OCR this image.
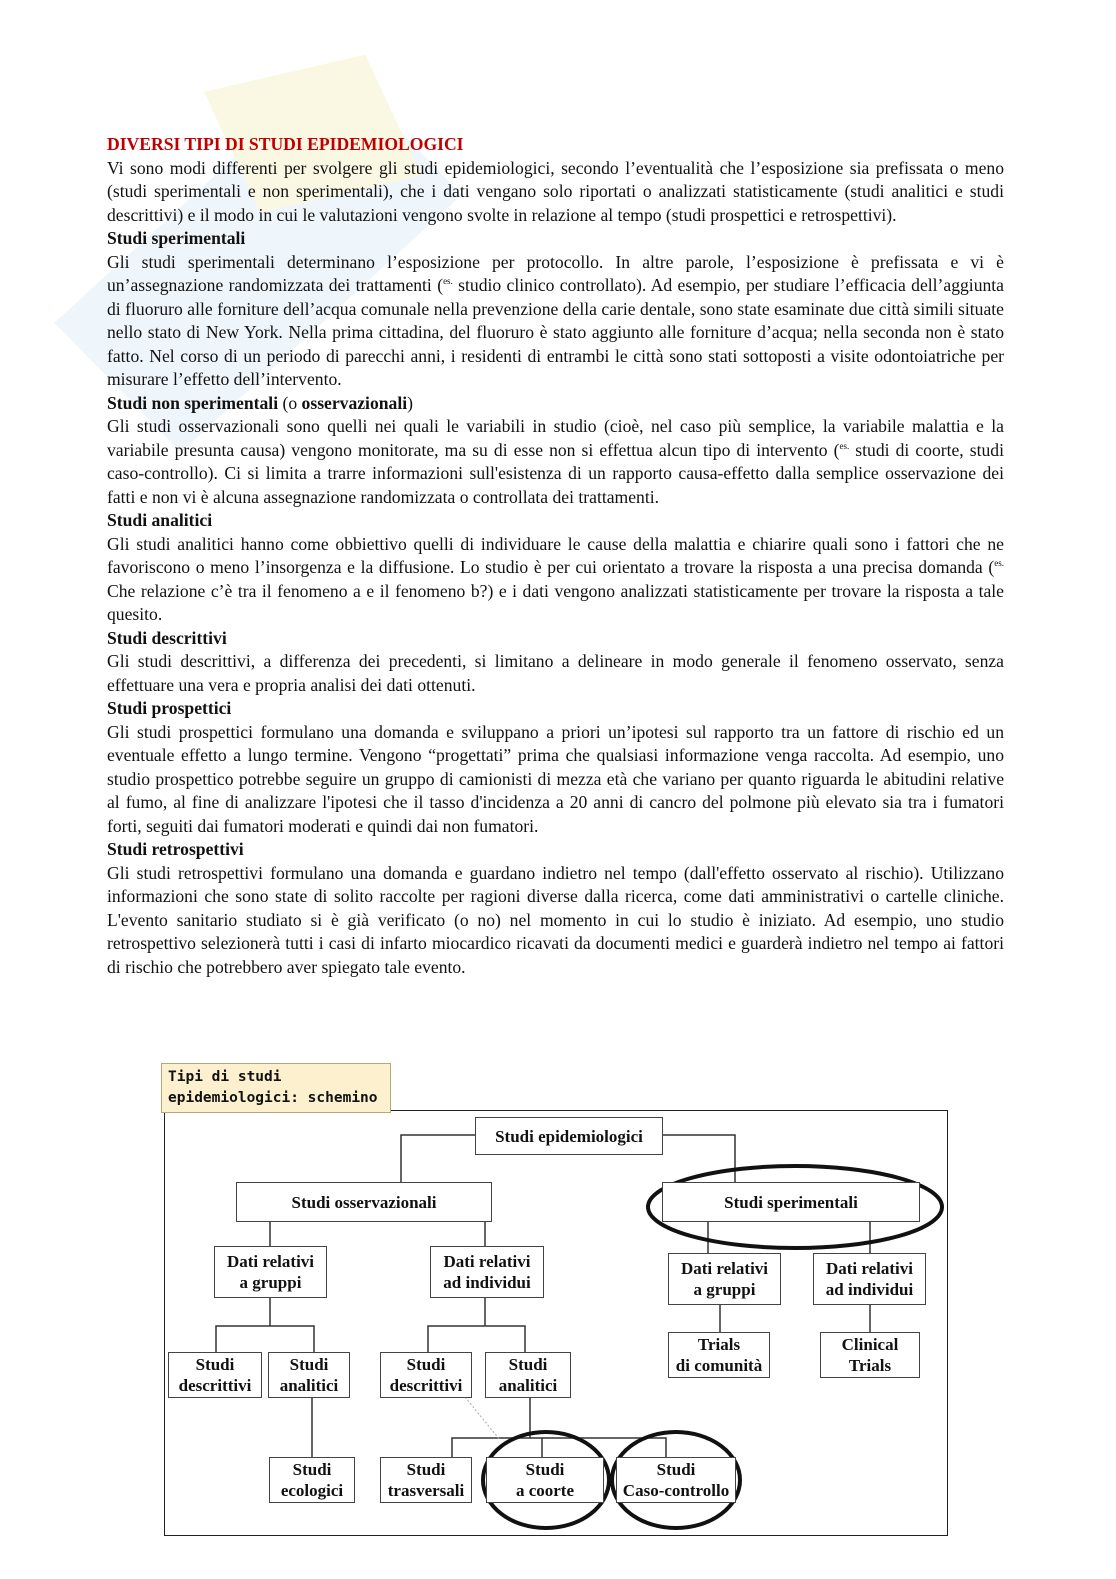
DIVERSI TIPI DI STUDI EPIDEMIOLOGICI

Vi sono modi differenti per svolgere gli studi epidemiologici, secondo l’eventualità che l’esposizione sia prefissata o meno (studi sperimentali e non sperimentali), che i dati vengano solo riportati o analizzati statisticamente (studi analitici e studi descrittivi) e il modo in cui le valutazioni vengono svolte in relazione al tempo (studi prospettici e retrospettivi).

Studi sperimentali

Gli studi sperimentali determinano l’esposizione per protocollo. In altre parole, l’esposizione è prefissata e vi è un’assegnazione randomizzata dei trattamenti ($^{es.}$ studio clinico controllato). Ad esempio, per studiare l’efficacia dell’aggiunta di fluoruro alle forniture dell’acqua comunale nella prevenzione della carie dentale, sono state esaminate due città simili situate nello stato di New York. Nella prima cittadina, del fluoruro è stato aggiunto alle forniture d’acqua; nella seconda non è stato fatto. Nel corso di un periodo di parecchi anni, i residenti di entrambi le città sono stati sottoposti a visite odontoiatriche per misurare l’effetto dell’intervento.

Studi non sperimentali (o osservazionali)

Gli studi osservazionali sono quelli nei quali le variabili in studio (cioè, nel caso più semplice, la variabile malattia e la variabile presunta causa) vengono monitorate, ma su di esse non si effettua alcun tipo di intervento ($^{es.}$ studi di coorte, studi caso-controllo). Ci si limita a trarre informazioni sull'esistenza di un rapporto causa-effetto dalla semplice osservazione dei fatti e non vi è alcuna assegnazione randomizzata o controllata dei trattamenti.

Studi analitici

Gli studi analitici hanno come obbiettivo quelli di individuare le cause della malattia e chiarire quali sono i fattori che ne favoriscono o meno l’insorgenza e la diffusione. Lo studio è per cui orientato a trovare la risposta a una precisa domanda ($^{es.}$ Che relazione c’è tra il fenomeno a e il fenomeno b?) e i dati vengono analizzati statisticamente per trovare la risposta a tale quesito.

Studi descrittivi

Gli studi descrittivi, a differenza dei precedenti, si limitano a delineare in modo generale il fenomeno osservato, senza effettuare una vera e propria analisi dei dati ottenuti.

Studi prospettici

Gli studi prospettici formulano una domanda e sviluppano a priori un’ipotesi sul rapporto tra un fattore di rischio ed un eventuale effetto a lungo termine. Vengono “progettati” prima che qualsiasi informazione venga raccolta. Ad esempio, uno studio prospettico potrebbe seguire un gruppo di camionisti di mezza età che variano per quanto riguarda le abitudini relative al fumo, al fine di analizzare l'ipotesi che il tasso d'incidenza a 20 anni di cancro del polmone più elevato sia tra i fumatori forti, seguiti dai fumatori moderati e quindi dai non fumatori.

Studi retrospettivi

Gli studi retrospettivi formulano una domanda e guardano indietro nel tempo (dall'effetto osservato al rischio). Utilizzano informazioni che sono state di solito raccolte per ragioni diverse dalla ricerca, come dati amministrativi o cartelle cliniche. L'evento sanitario studiato si è già verificato (o no) nel momento in cui lo studio è iniziato. Ad esempio, uno studio retrospettivo selezionerà tutti i casi di infarto miocardico ricavati da documenti medici e guarderà indietro nel tempo ai fattori di rischio che potrebbero aver spiegato tale evento.

Tipi di studi epidemiologici: schemino
Studi epidemiologici
Studi osservazionali	Studi sperimentali
Dati relativi
a gruppi
Dati relativi
ad individui
Dati relativi
a gruppi
Dati relativi
ad individui
Studi
descrittivi
Studi
analitici
Studi
descrittivi
Studi
analitici
Trials
di comunità
Clinical
Trials
Studi
ecologici
Studi
trasversali
Studi
a coorte
Studi
Caso-controllo
